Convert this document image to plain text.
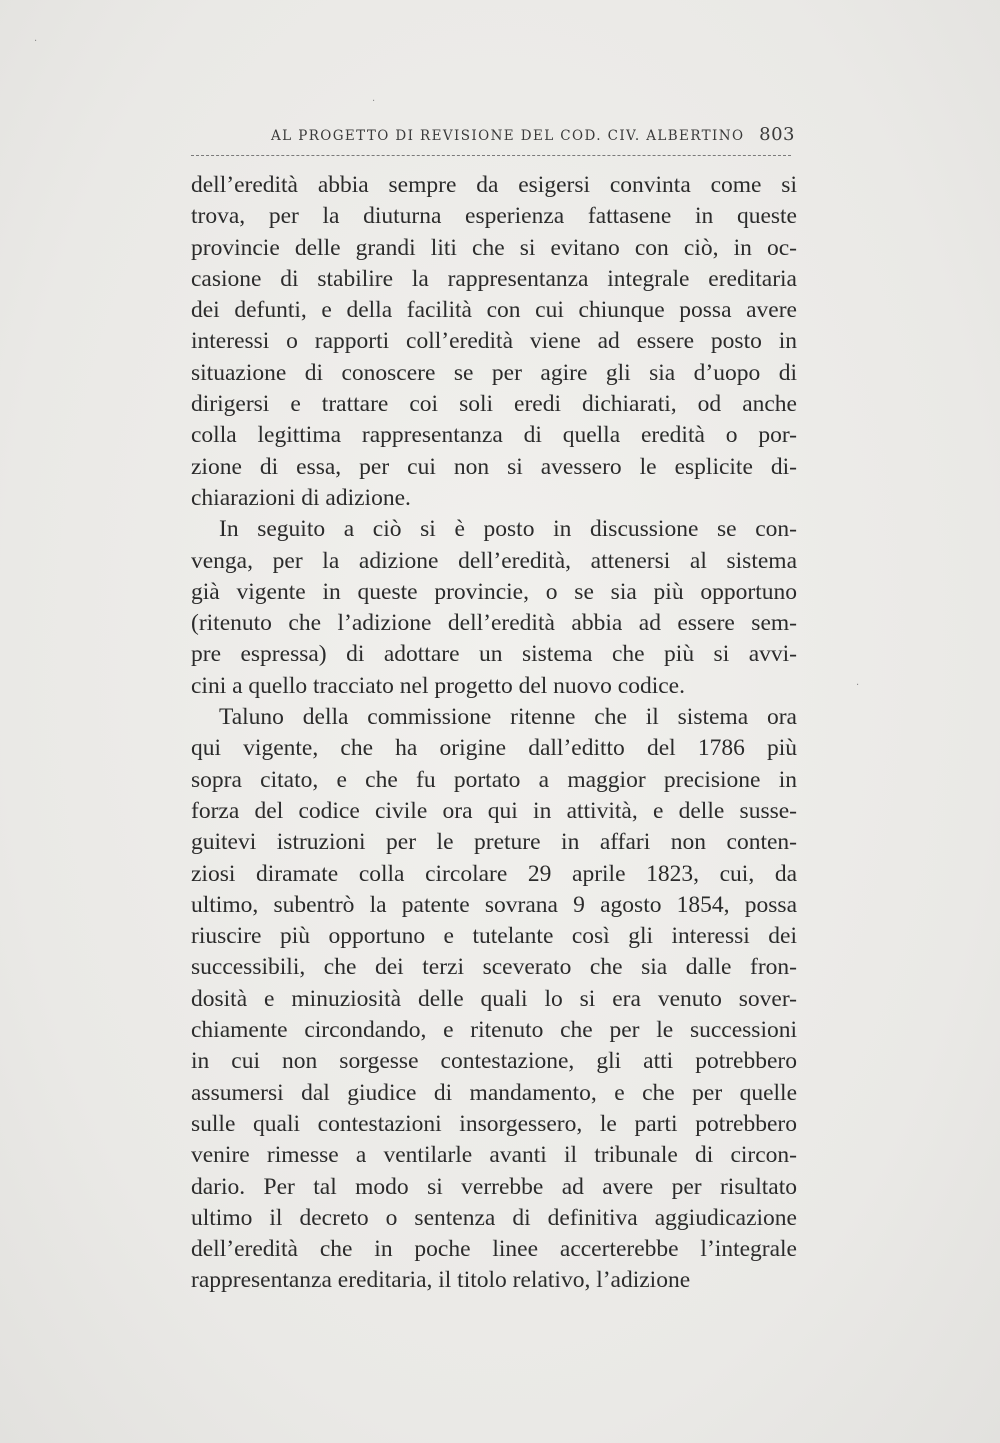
AL PROGETTO DI REVISIONE DEL COD. CIV. ALBERTINO 803
dell’eredità abbia sempre da esigersi convinta come si
trova, per la diuturna esperienza fattasene in queste
provincie delle grandi liti che si evitano con ciò, in oc-
casione di stabilire la rappresentanza integrale ereditaria
dei defunti, e della facilità con cui chiunque possa avere
interessi o rapporti coll’eredità viene ad essere posto in
situazione di conoscere se per agire gli sia d’uopo di
dirigersi e trattare coi soli eredi dichiarati, od anche
colla legittima rappresentanza di quella eredità o por-
zione di essa, per cui non si avessero le esplicite di-
chiarazioni di adizione.
In seguito a ciò si è posto in discussione se con-
venga, per la adizione dell’eredità, attenersi al sistema
già vigente in queste provincie, o se sia più opportuno
(ritenuto che l’adizione dell’eredità abbia ad essere sem-
pre espressa) di adottare un sistema che più si avvi-
cini a quello tracciato nel progetto del nuovo codice.
Taluno della commissione ritenne che il sistema ora
qui vigente, che ha origine dall’editto del 1786 più
sopra citato, e che fu portato a maggior precisione in
forza del codice civile ora qui in attività, e delle susse-
guitevi istruzioni per le preture in affari non conten-
ziosi diramate colla circolare 29 aprile 1823, cui, da
ultimo, subentrò la patente sovrana 9 agosto 1854, possa
riuscire più opportuno e tutelante così gli interessi dei
successibili, che dei terzi sceverato che sia dalle fron-
dosità e minuziosità delle quali lo si era venuto sover-
chiamente circondando, e ritenuto che per le successioni
in cui non sorgesse contestazione, gli atti potrebbero
assumersi dal giudice di mandamento, e che per quelle
sulle quali contestazioni insorgessero, le parti potrebbero
venire rimesse a ventilarle avanti il tribunale di circon-
dario. Per tal modo si verrebbe ad avere per risultato
ultimo il decreto o sentenza di definitiva aggiudicazione
dell’eredità che in poche linee accerterebbe l’integrale
rappresentanza ereditaria, il titolo relativo, l’adizione
·
·
·
